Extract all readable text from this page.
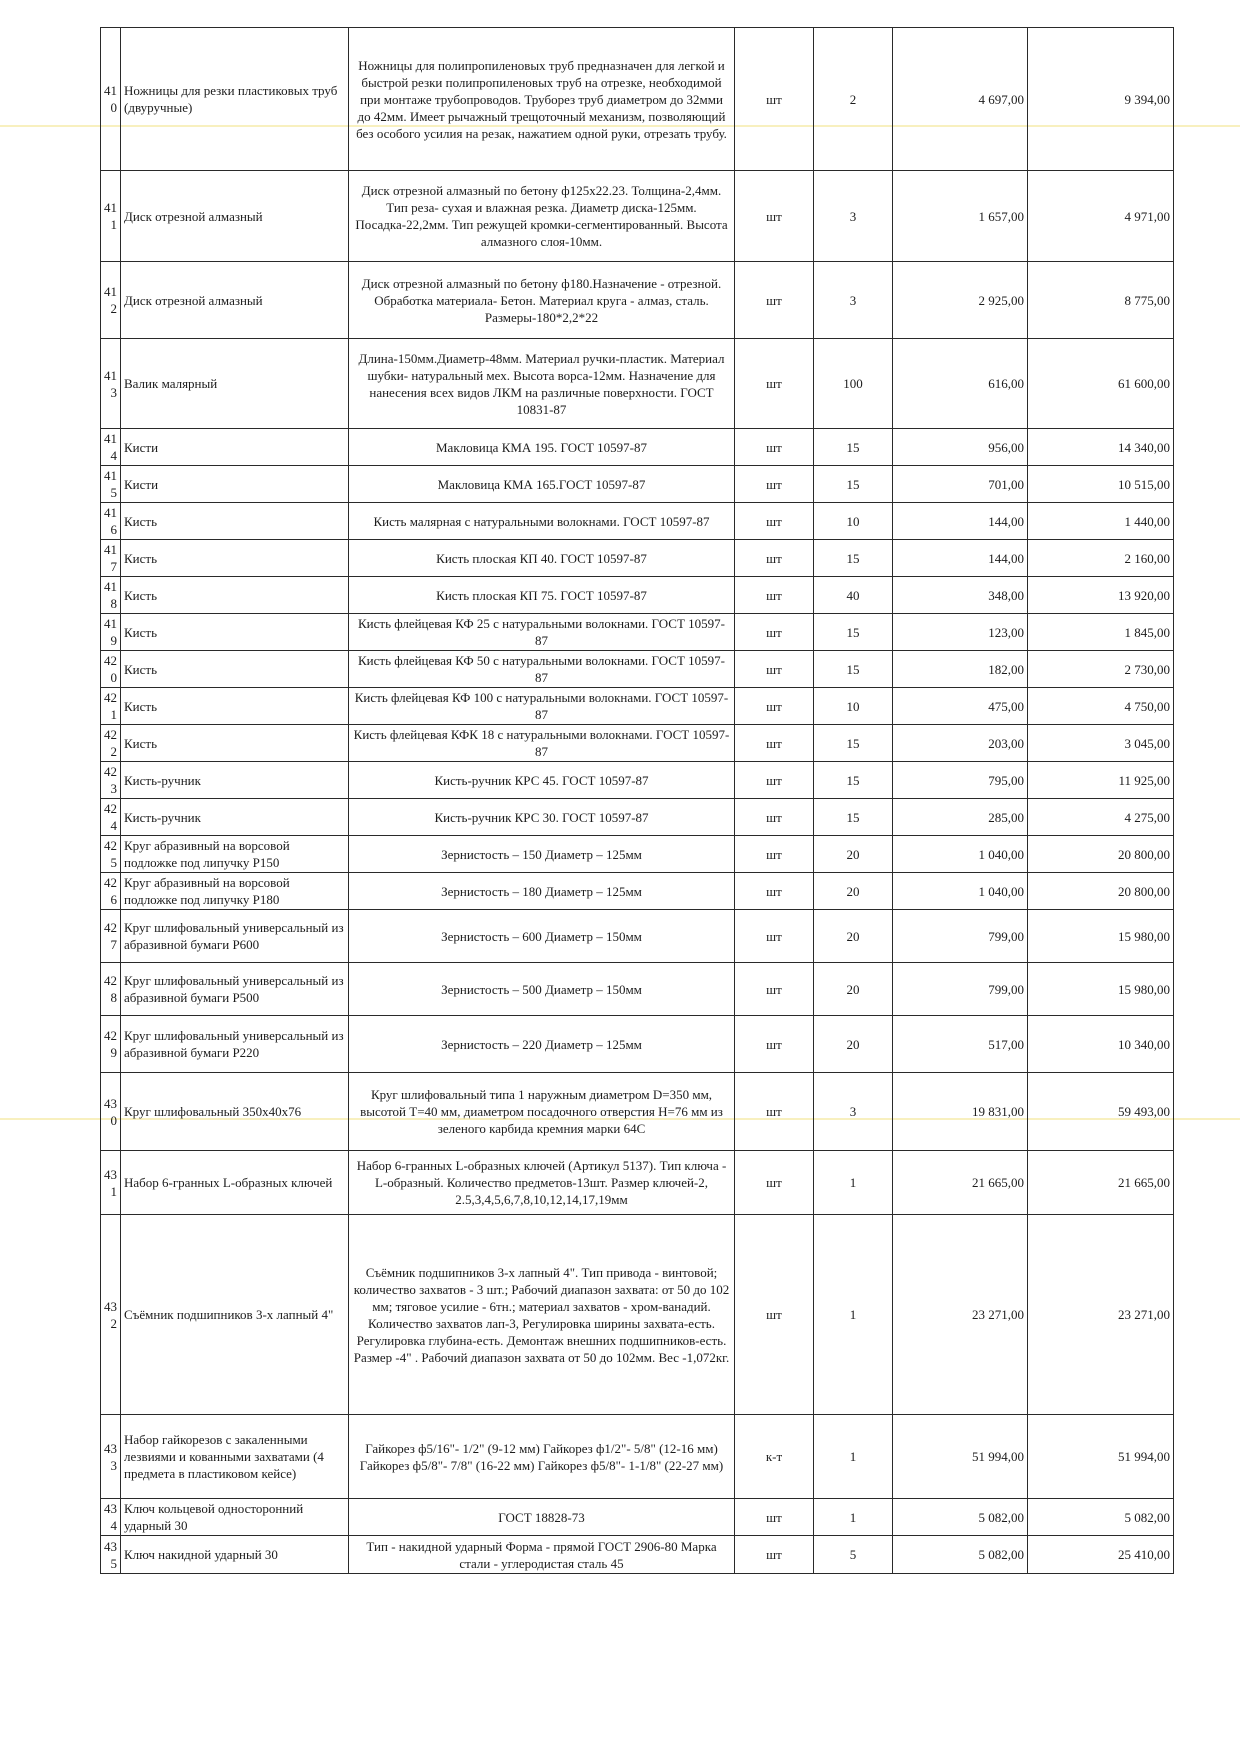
410	Ножницы для резки пластиковых труб (двуручные)	Ножницы для полипропиленовых труб предназначен для легкой и быстрой резки полипропиленовых труб на отрезке, необходимой при монтаже трубопроводов. Труборез труб диаметром до 32мми до 42мм. Имеет рычажный трещоточный механизм, позволяющий без особого усилия на резак, нажатием одной руки, отрезать трубу.	шт	2	4 697,00	9 394,00
411	Диск отрезной алмазный	Диск отрезной алмазный по бетону ф125х22.23. Толщина-2,4мм. Тип реза- сухая и влажная резка. Диаметр диска-125мм. Посадка-22,2мм. Тип режущей кромки-сегментированный. Высота алмазного слоя-10мм.	шт	3	1 657,00	4 971,00
412	Диск отрезной алмазный	Диск отрезной алмазный по бетону ф180.Назначение - отрезной. Обработка материала- Бетон. Материал круга - алмаз, сталь. Размеры-180*2,2*22	шт	3	2 925,00	8 775,00
413	Валик малярный	Длина-150мм.Диаметр-48мм. Материал ручки-пластик. Материал шубки- натуральный мех. Высота ворса-12мм. Назначение для нанесения всех видов ЛКМ на различные поверхности. ГОСТ 10831-87	шт	100	616,00	61 600,00
414	Кисти	Макловица КМА 195. ГОСТ 10597-87	шт	15	956,00	14 340,00
415	Кисти	Макловица КМА 165.ГОСТ 10597-87	шт	15	701,00	10 515,00
416	Кисть	Кисть малярная с натуральными волокнами. ГОСТ 10597-87	шт	10	144,00	1 440,00
417	Кисть	Кисть плоская КП 40. ГОСТ 10597-87	шт	15	144,00	2 160,00
418	Кисть	Кисть плоская КП 75. ГОСТ 10597-87	шт	40	348,00	13 920,00
419	Кисть	Кисть флейцевая КФ 25 с натуральными волокнами. ГОСТ 10597-87	шт	15	123,00	1 845,00
420	Кисть	Кисть флейцевая КФ 50 с натуральными волокнами. ГОСТ 10597-87	шт	15	182,00	2 730,00
421	Кисть	Кисть флейцевая КФ 100 с натуральными волокнами. ГОСТ 10597-87	шт	10	475,00	4 750,00
422	Кисть	Кисть флейцевая КФК 18 с натуральными волокнами. ГОСТ 10597-87	шт	15	203,00	3 045,00
423	Кисть-ручник	Кисть-ручник КРС 45. ГОСТ 10597-87	шт	15	795,00	11 925,00
424	Кисть-ручник	Кисть-ручник КРС 30. ГОСТ 10597-87	шт	15	285,00	4 275,00
425	Круг абразивный на ворсовой подложке под липучку Р150	Зернистость – 150 Диаметр – 125мм	шт	20	1 040,00	20 800,00
426	Круг абразивный на ворсовой подложке под липучку Р180	Зернистость – 180 Диаметр – 125мм	шт	20	1 040,00	20 800,00
427	Круг шлифовальный универсальный из абразивной бумаги Р600	Зернистость – 600 Диаметр – 150мм	шт	20	799,00	15 980,00
428	Круг шлифовальный универсальный из абразивной бумаги Р500	Зернистость – 500 Диаметр – 150мм	шт	20	799,00	15 980,00
429	Круг шлифовальный универсальный из абразивной бумаги Р220	Зернистость – 220 Диаметр – 125мм	шт	20	517,00	10 340,00
430	Круг шлифовальный 350х40х76	Круг шлифовальный типа 1 наружным диаметром D=350 мм, высотой T=40 мм, диаметром посадочного отверстия H=76 мм из зеленого карбида кремния марки 64С	шт	3	19 831,00	59 493,00
431	Набор 6-гранных L-образных ключей	Набор 6-гранных L-образных ключей (Артикул 5137). Тип ключа -L-образный. Количество предметов-13шт. Размер ключей-2, 2.5,3,4,5,6,7,8,10,12,14,17,19мм	шт	1	21 665,00	21 665,00
432	Съёмник подшипников 3-х лапный 4"	Съёмник подшипников 3-х лапный 4". Тип привода - винтовой; количество захватов - 3 шт.; Рабочий диапазон захвата: от 50 до 102 мм; тяговое усилие - 6тн.; материал захватов - хром-ванадий. Количество захватов лап-3, Регулировка ширины захвата-есть. Регулировка глубина-есть. Демонтаж внешних подшипников-есть. Размер -4" . Рабочий диапазон захвата от 50 до 102мм. Вес -1,072кг.	шт	1	23 271,00	23 271,00
433	Набор гайкорезов с закаленными лезвиями и кованными захватами (4 предмета в пластиковом кейсе)	Гайкорез ф5/16"- 1/2" (9-12 мм) Гайкорез ф1/2"- 5/8" (12-16 мм) Гайкорез ф5/8"- 7/8" (16-22 мм) Гайкорез ф5/8"- 1-1/8" (22-27 мм)	к-т	1	51 994,00	51 994,00
434	Ключ кольцевой односторонний ударный 30	ГОСТ 18828-73	шт	1	5 082,00	5 082,00
435	Ключ накидной ударный 30	Тип - накидной ударный Форма - прямой ГОСТ 2906-80 Марка стали - углеродистая сталь 45	шт	5	5 082,00	25 410,00
